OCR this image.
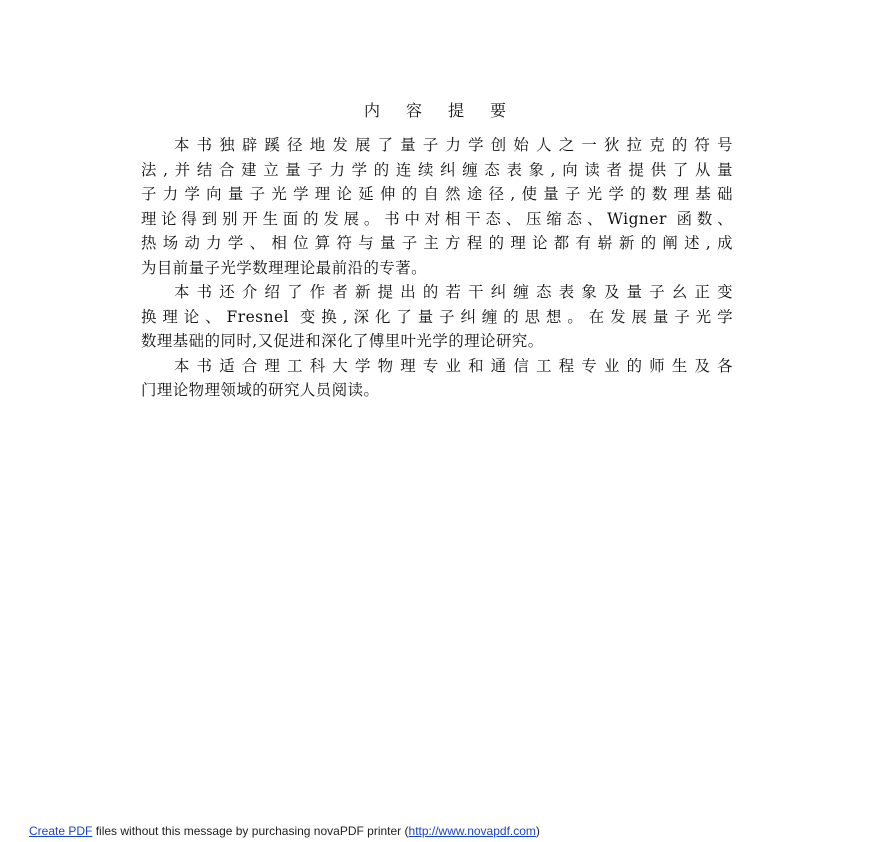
内容提要
本书独辟蹊径地发展了量子力学创始人之一狄拉克的符号
法,并结合建立量子力学的连续纠缠态表象,向读者提供了从量
子力学向量子光学理论延伸的自然途径,使量子光学的数理基础
理论得到别开生面的发展。书中对相干态、压缩态、Wigner 函数、
热场动力学、相位算符与量子主方程的理论都有崭新的阐述,成
为目前量子光学数理理论最前沿的专著。
本书还介绍了作者新提出的若干纠缠态表象及量子幺正变
换理论、Fresnel 变换,深化了量子纠缠的思想。在发展量子光学
数理基础的同时,又促进和深化了傅里叶光学的理论研究。
本书适合理工科大学物理专业和通信工程专业的师生及各
门理论物理领域的研究人员阅读。
Create PDF files without this message by purchasing novaPDF printer (http://www.novapdf.com)
